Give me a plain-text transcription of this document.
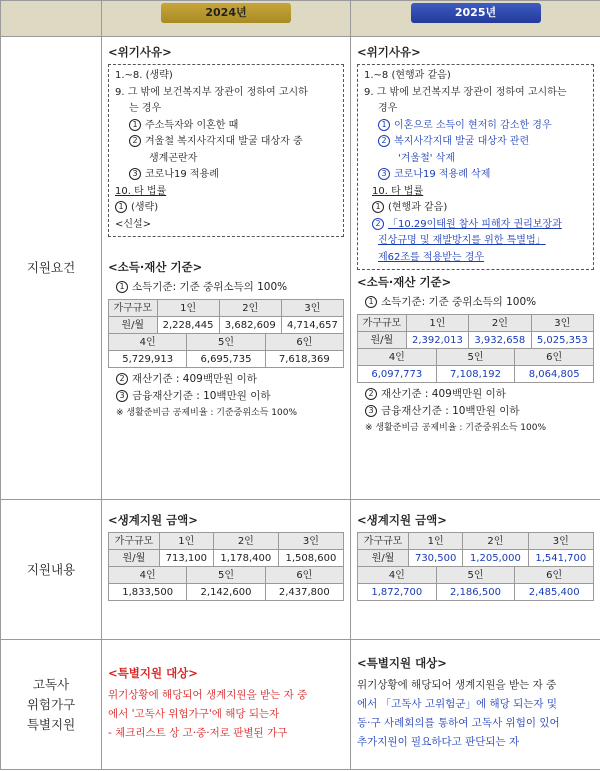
	2024년	2025년
지원요건	
<위기사유>
1.~8. (생략)
9. 그 밖에 보건복지부 장관이 정하여 고시하
는 경우
1 주소득자와 이혼한 때
2 겨울철 복지사각지대 발굴 대상자 중
생계곤란자
3 코로나19 적용례
10. 타 법률
1 (생략)
<신설>
<소득·재산 기준>
1 소득기준: 기준 중위소득의 100%
가구규모	1인	2인	3인
원/월	2,228,445	3,682,609	4,714,657
4인	5인	6인
5,729,913	6,695,735	7,618,369
2 재산기준 : 409백만원 이하
3 금융재산기준 : 10백만원 이하
※ 생활준비금 공제비율 : 기준중위소득 100%

<위기사유>
1.~8 (현행과 같음)
9. 그 밖에 보건복지부 장관이 정하여 고시하는
경우
1 이혼으로 소득이 현저히 감소한 경우
2 복지사각지대 발굴 대상자 관련
'겨울철' 삭제
3 코로나19 적용례 삭제
10. 타 법률
1 (현행과 같음)
2 「10.29이태원 참사 피해자 권리보장과
진상규명 및 재발방지를 위한 특별법」
제62조를 적용받는 경우
<소득·재산 기준>
1 소득기준: 기준 중위소득의 100%
가구규모	1인	2인	3인
원/월	2,392,013	3,932,658	5,025,353
4인	5인	6인
6,097,773	7,108,192	8,064,805
2 재산기준 : 409백만원 이하
3 금융재산기준 : 10백만원 이하
※ 생활준비금 공제비율 : 기준중위소득 100%

지원내용	
<생계지원 금액>
가구규모	1인	2인	3인
원/월	713,100	1,178,400	1,508,600
4인	5인	6인
1,833,500	2,142,600	2,437,800

<생계지원 금액>
가구규모	1인	2인	3인
원/월	730,500	1,205,000	1,541,700
4인	5인	6인
1,872,700	2,186,500	2,485,400

고독사
위험가구
특별지원

<특별지원 대상>
위기상황에 해당되어 생계지원을 받는 자 중
에서 '고독사 위험가구'에 해당 되는자
- 체크리스트 상 고·중·저로 판별된 가구

<특별지원 대상>
위기상황에 해당되어 생계지원을 받는 자 중
에서 「고독사 고위험군」에 해당 되는자 및
동·구 사례회의를 통하여 고독사 위험이 있어
추가지원이 필요하다고 판단되는 자
